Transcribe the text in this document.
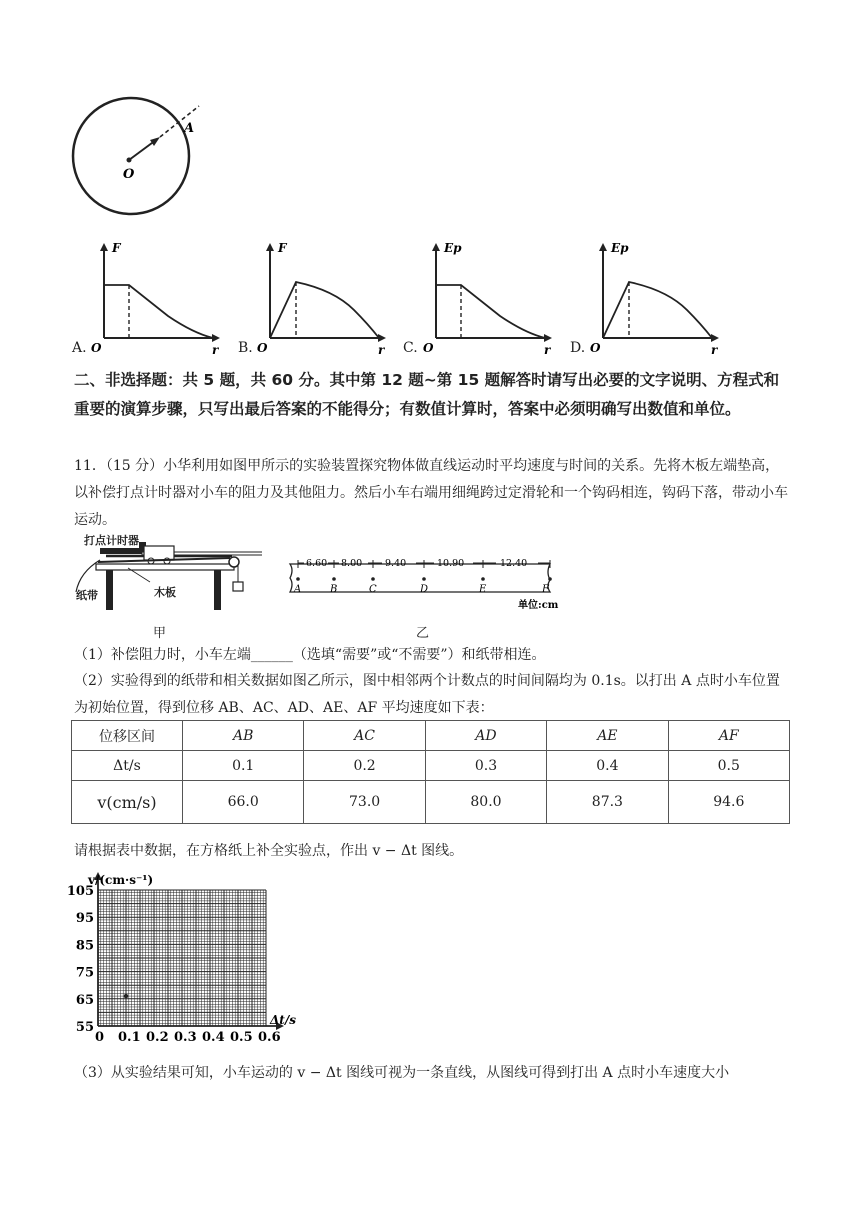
O
A
A.
F
O	r B.
F
O	r C.
Ep
O	r D.
Ep
O	r
二、非选择题：共 5 题，共 60 分。其中第 12 题~第 15 题解答时请写出必要的文字说明、方程式和重要的演算步骤，只写出最后答案的不能得分；有数值计算时，答案中必须明确写出数值和单位。
11．（15 分）小华利用如图甲所示的实验装置探究物体做直线运动时平均速度与时间的关系。先将木板左端垫高，以补偿打点计时器对小车的阻力及其他阻力。然后小车右端用细绳跨过定滑轮和一个钩码相连，钩码下落，带动小车运动。
打点计时器
纸带	木板
甲
6.60 8.00 9.40	10.90	12.40
A	B	C	D	E	F
单位:cm
乙
（1）补偿阻力时，小车左端______（选填“需要”或“不需要”）和纸带相连。
（2）实验得到的纸带和相关数据如图乙所示，图中相邻两个计数点的时间间隔均为 0.1s。以打出 A 点时小车位置为初始位置，得到位移 AB、AC、AD、AE、AF 平均速度如下表：
位移区间	AB	AC	AD	AE	AF
Δt/s	0.1	0.2	0.3	0.4	0.5
v(cm/s)	66.0	73.0	80.0	87.3	94.6
请根据表中数据，在方格纸上补全实验点，作出 v − Δt 图线。
0 0.1 0.2 0.3 0.4 0.5 0.6
55
65
75
85
95
105
v/(cm·s⁻¹)
Δt/s
（3）从实验结果可知，小车运动的 v − Δt 图线可视为一条直线，从图线可得到打出 A 点时小车速度大小
